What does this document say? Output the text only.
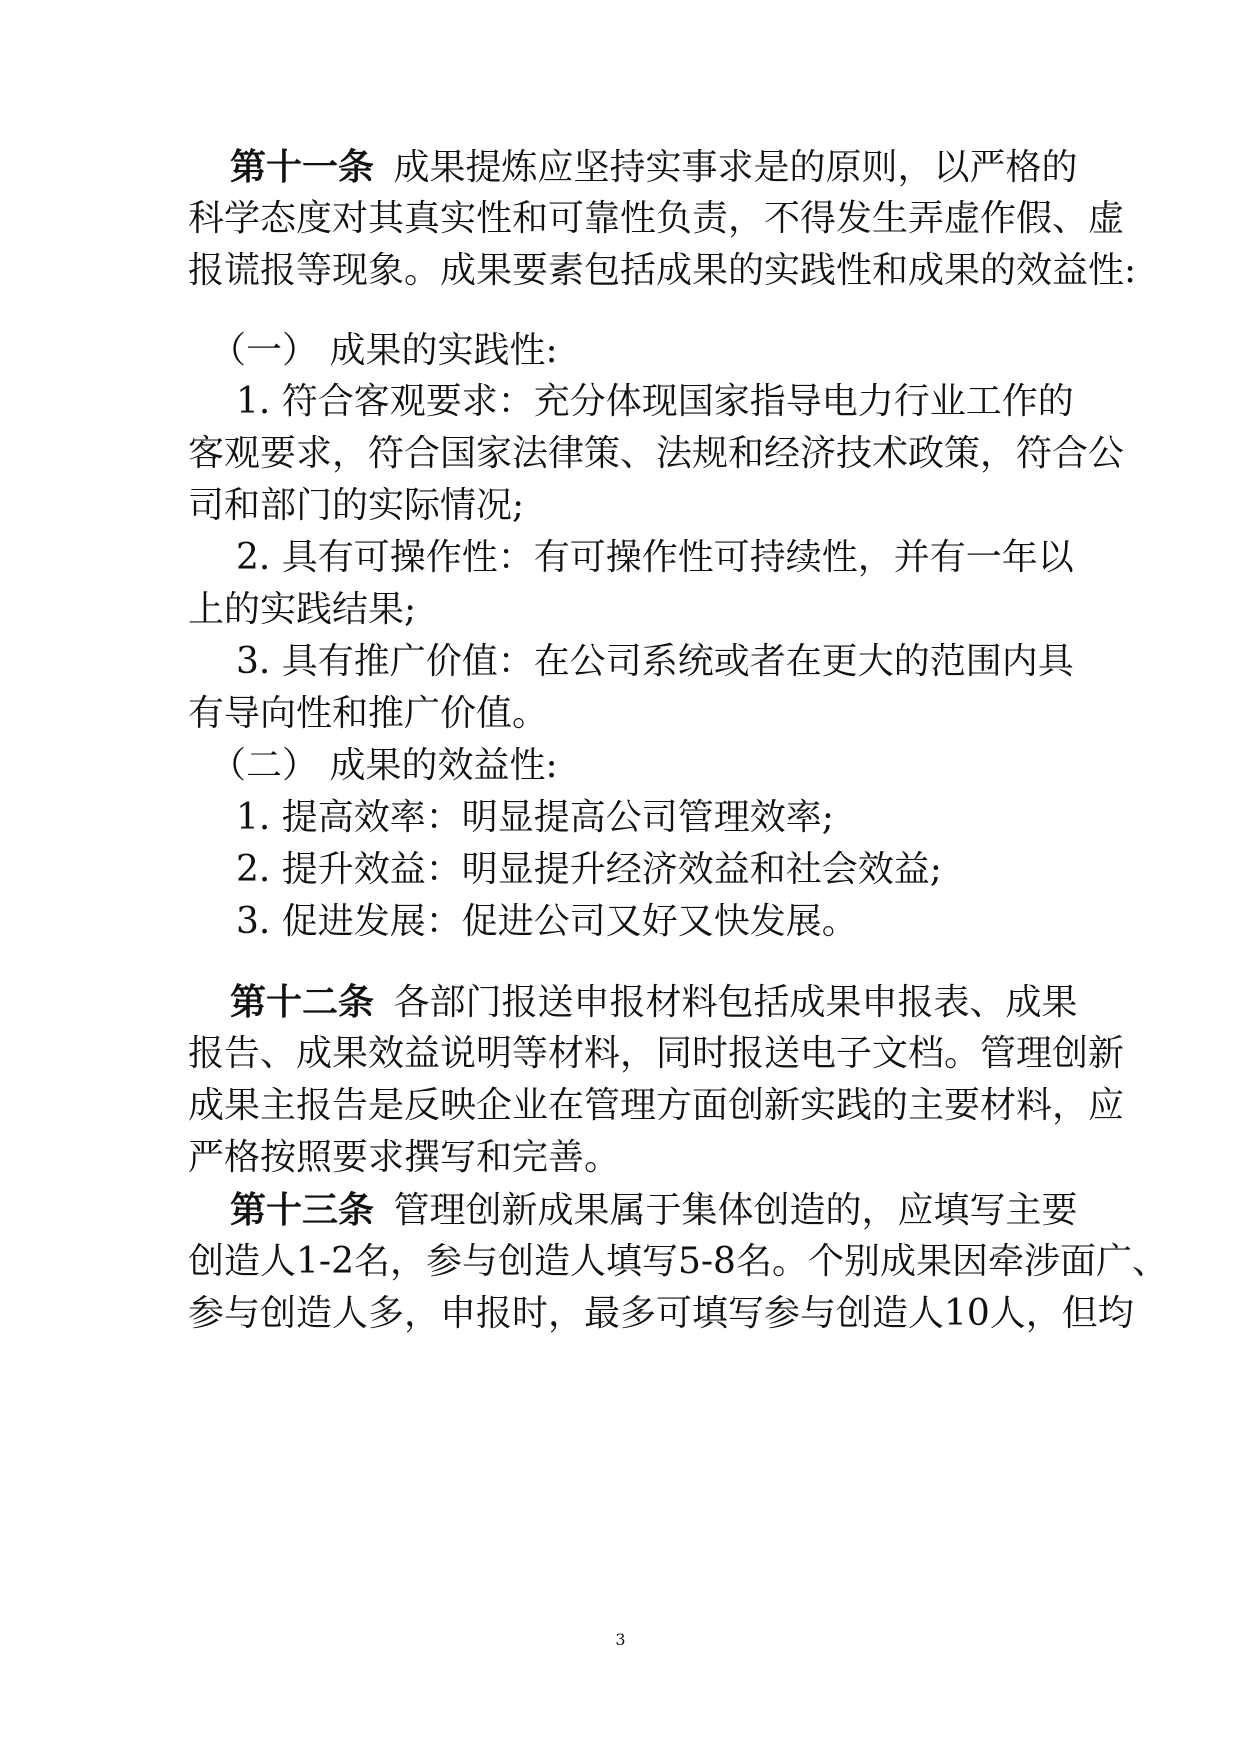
第十一条 成果提炼应坚持实事求是的原则，以严格的
科学态度对其真实性和可靠性负责，不得发生弄虚作假、虚
报谎报等现象。成果要素包括成果的实践性和成果的效益性:
（一） 成果的实践性:
1. 符合客观要求：充分体现国家指导电力行业工作的
客观要求，符合国家法律策、法规和经济技术政策，符合公
司和部门的实际情况;
2. 具有可操作性：有可操作性可持续性，并有一年以
上的实践结果;
3. 具有推广价值：在公司系统或者在更大的范围内具
有导向性和推广价值。
（二） 成果的效益性:
1. 提高效率：明显提高公司管理效率;
2. 提升效益：明显提升经济效益和社会效益;
3. 促进发展：促进公司又好又快发展。
第十二条 各部门报送申报材料包括成果申报表、成果
报告、成果效益说明等材料，同时报送电子文档。管理创新
成果主报告是反映企业在管理方面创新实践的主要材料，应
严格按照要求撰写和完善。
第十三条 管理创新成果属于集体创造的，应填写主要
创造人1-2名，参与创造人填写5-8名。个别成果因牵涉面广、
参与创造人多，申报时，最多可填写参与创造人10人，但均
3
